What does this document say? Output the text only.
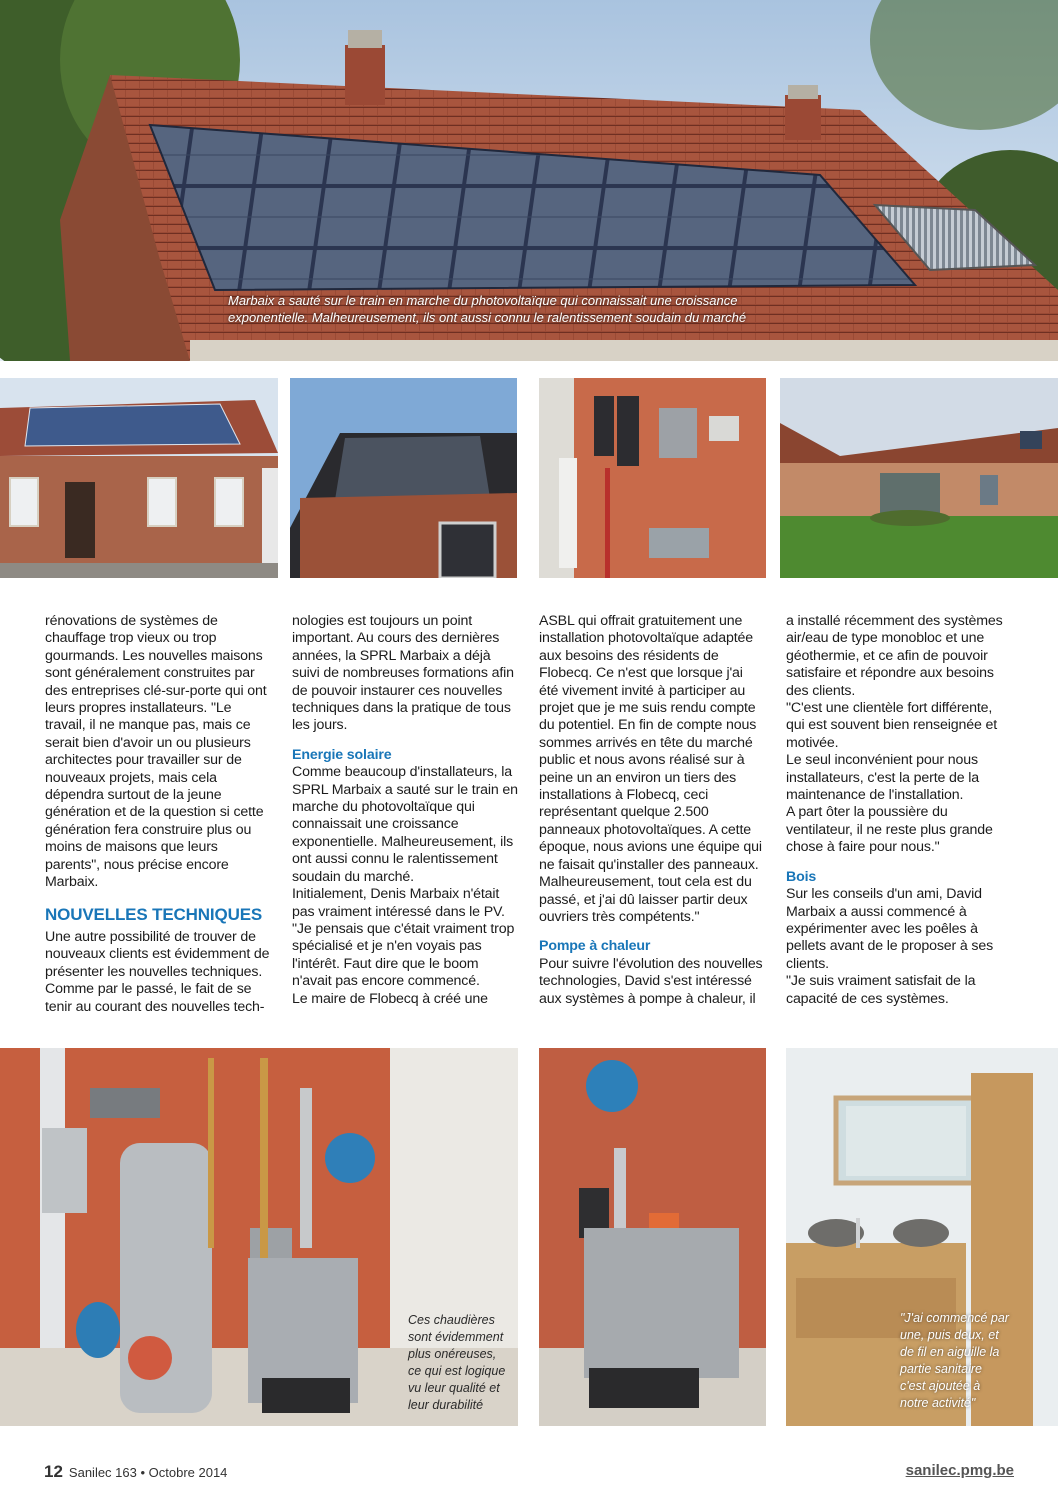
Marbaix a sauté sur le train en marche du photovoltaïque qui connaissait une croissance exponentielle. Malheureusement, ils ont aussi connu le ralentissement soudain du marché

rénovations de systèmes de chauffage trop vieux ou trop gourmands. Les nouvelles maisons sont généralement construites par des entreprises clé-sur-porte qui ont leurs propres installateurs. "Le travail, il ne manque pas, mais ce serait bien d'avoir un ou plusieurs architectes pour travailler sur de nouveaux projets, mais cela dépendra surtout de la jeune génération et de la question si cette génération fera construire plus ou moins de maisons que leurs parents", nous précise encore Marbaix.

NOUVELLES TECHNIQUES

Une autre possibilité de trouver de nouveaux clients est évidemment de présenter les nouvelles techniques. Comme par le passé, le fait de se tenir au courant des nouvelles tech-

nologies est toujours un point important. Au cours des dernières années, la SPRL Marbaix a déjà suivi de nombreuses formations afin de pouvoir instaurer ces nouvelles techniques dans la pratique de tous les jours.

Energie solaire

Comme beaucoup d'installateurs, la SPRL Marbaix a sauté sur le train en marche du photovoltaïque qui connaissait une croissance exponentielle. Malheureusement, ils ont aussi connu le ralentissement soudain du marché.

Initialement, Denis Marbaix n'était pas vraiment intéressé dans le PV. "Je pensais que c'était vraiment trop spécialisé et je n'en voyais pas l'intérêt. Faut dire que le boom n'avait pas encore commencé.

Le maire de Flobecq à créé une

ASBL qui offrait gratuitement une installation photovoltaïque adaptée aux besoins des résidents de Flobecq. Ce n'est que lorsque j'ai été vivement invité à participer au projet que je me suis rendu compte du potentiel. En fin de compte nous sommes arrivés en tête du marché public et nous avons réalisé sur à peine un an environ un tiers des installations à Flobecq, ceci représentant quelque 2.500 panneaux photovoltaïques. A cette époque, nous avions une équipe qui ne faisait qu'installer des panneaux. Malheureusement, tout cela est du passé, et j'ai dû laisser partir deux ouvriers très compétents."

Pompe à chaleur

Pour suivre l'évolution des nouvelles technologies, David s'est intéressé aux systèmes à pompe à chaleur, il

a installé récemment des systèmes air/eau de type monobloc et une géothermie, et ce afin de pouvoir satisfaire et répondre aux besoins des clients.

"C'est une clientèle fort différente, qui est souvent bien renseignée et motivée.

Le seul inconvénient pour nous installateurs, c'est la perte de la maintenance de l'installation.

A part ôter la poussière du ventilateur, il ne reste plus grande chose à faire pour nous."

Bois

Sur les conseils d'un ami, David Marbaix a aussi commencé à expérimenter avec les poêles à pellets avant de le proposer à ses clients.

"Je suis vraiment satisfait de la capacité de ces systèmes.

Ces chaudières sont évidemment plus onéreuses, ce qui est logique vu leur qualité et leur durabilité
"J'ai commencé par une, puis deux, et de fil en aiguille la partie sanitaire c'est ajoutée à notre activité"
12 Sanilec 163 • Octobre 2014	sanilec.pmg.be
